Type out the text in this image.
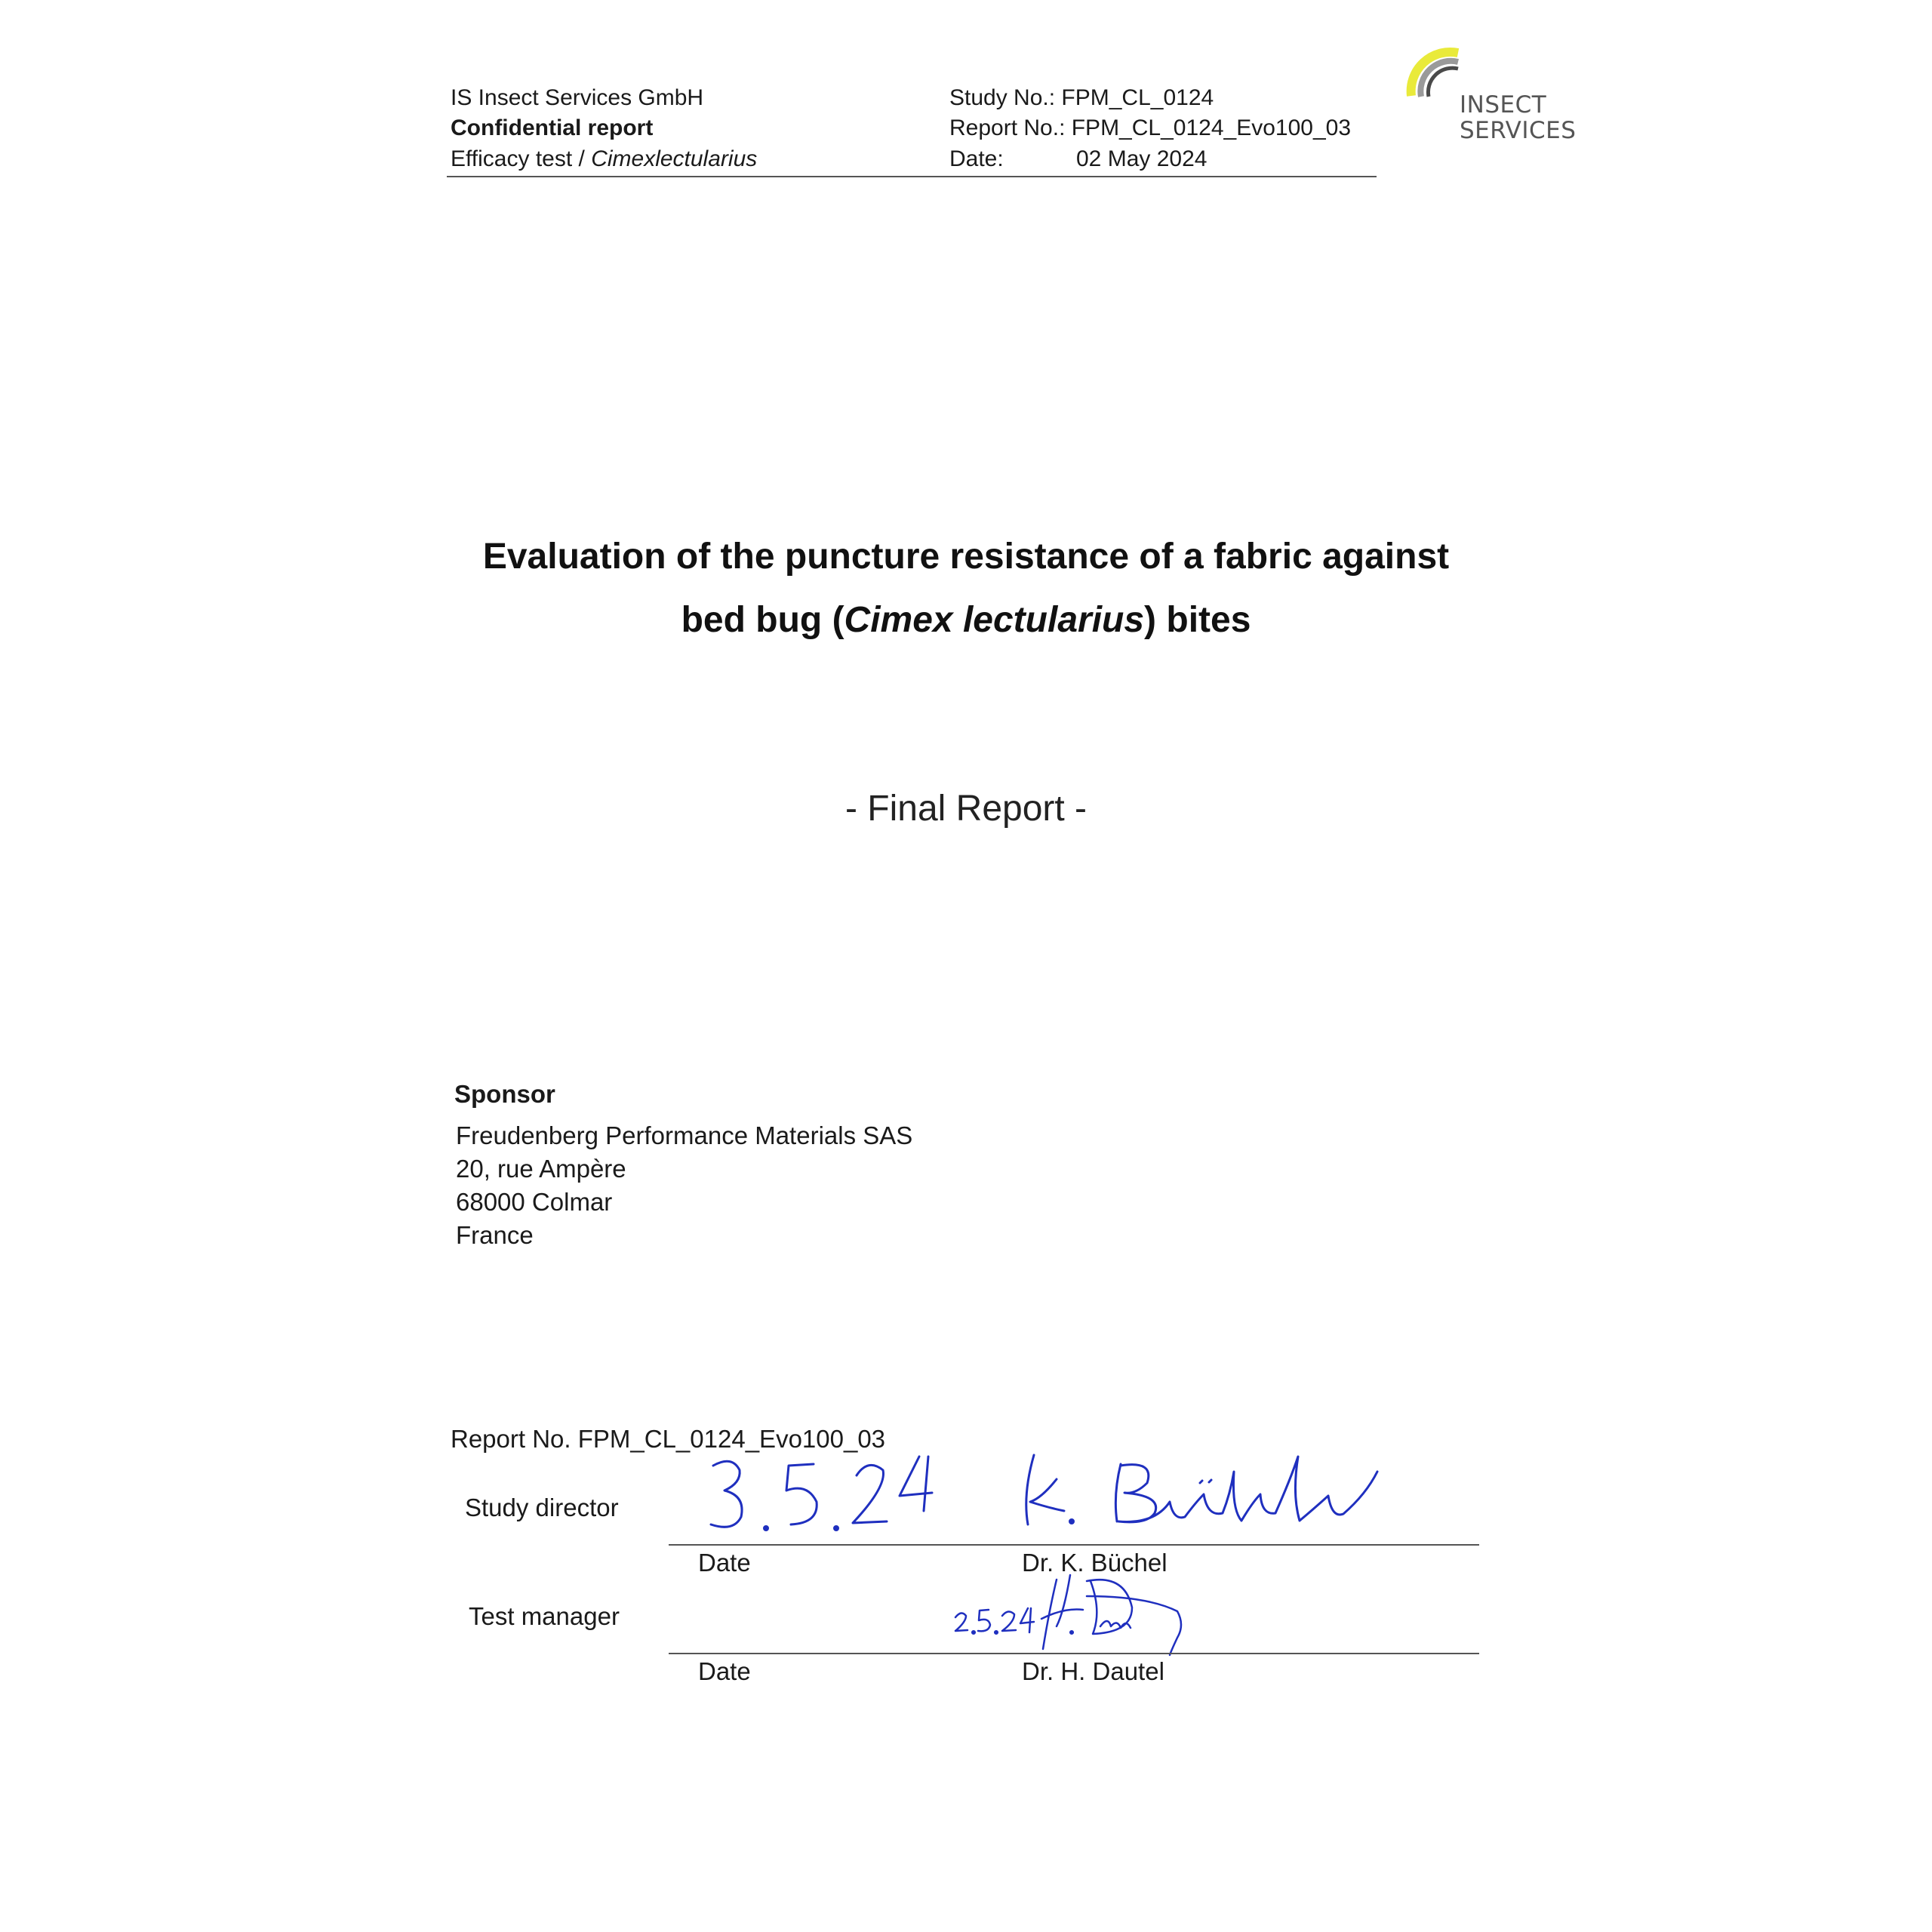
IS Insect Services GmbH
Confidential report
Efficacy test / Cimexlectularius
Study No.: FPM_CL_0124
Report No.: FPM_CL_0124_Evo100_03
Date:	02 May 2024
INSECT
SERVICES
Evaluation of the puncture resistance of a fabric against
bed bug (Cimex lectularius) bites
- Final Report -
Sponsor
Freudenberg Performance Materials SAS
20, rue Ampère
68000 Colmar
France
Report No. FPM_CL_0124_Evo100_03
Study director
Date	Dr. K. Büchel
Test manager
Date	Dr. H. Dautel
